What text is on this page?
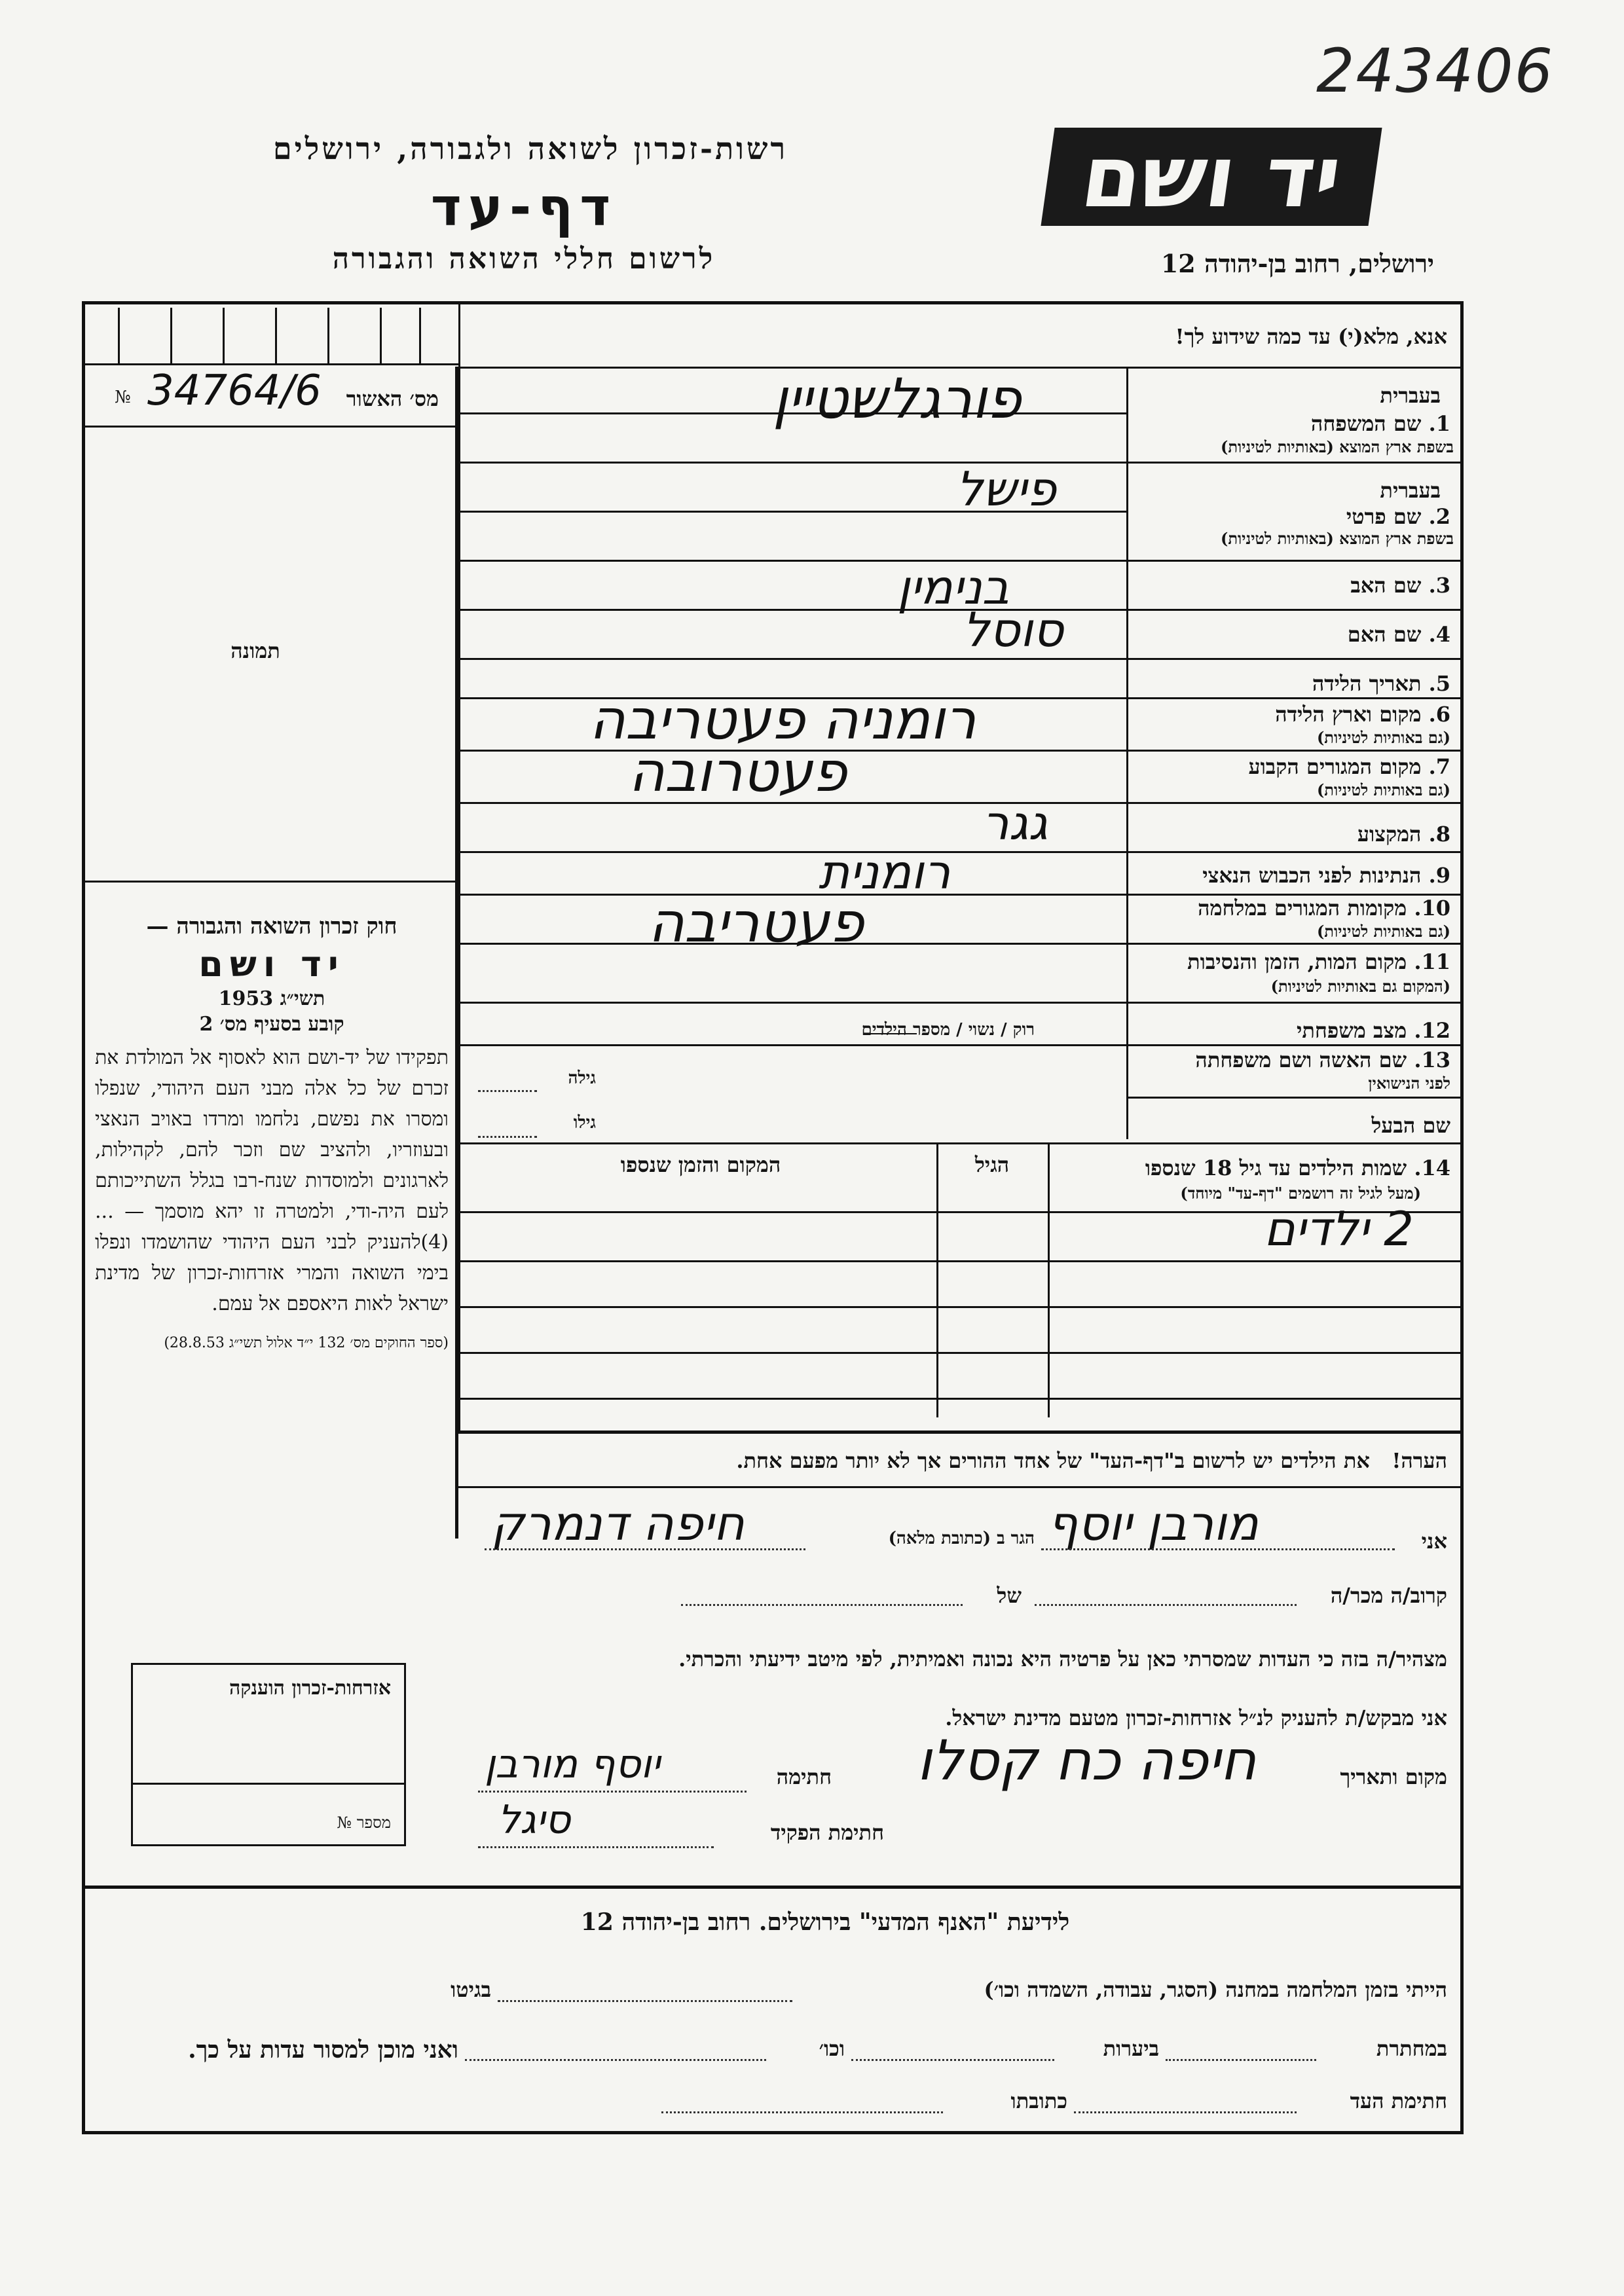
243406
יד ושם
רשות-זכרון לשואה ולגבורה, ירושלים
דף-עד
לרשום חללי השואה והגבורה	ירושלים, רחוב בן-יהודה 12
מס׳ האשור
№ 34764/6
תמונה
אנא, מלא(י) עד כמה שידוע לך!
בעברית
1. שם המשפחה
בשפת ארץ המוצא (באותיות לטיניות)
פורגלשטיין
בעברית
2. שם פרטי
בשפת ארץ המוצא (באותיות לטיניות)
פישל
3. שם האב
בנימין
4. שם האם
סוסל
5. תאריך הלידה
6. מקום וארץ הלידה
(גם באותיות לטיניות)
רומניה פעטריבה
7. מקום המגורים הקבוע
(גם באותיות לטיניות)
פעטרובה
8. המקצוע
גגר
9. הנתינות לפני הכבוש הנאצי
רומנית
10. מקומות המגורים במלחמה
(גם באותיות לטיניות)
פעטריבה
11. מקום המות, הזמן והנסיבות
(המקום גם באותיות לטיניות)
12. מצב משפחתי
רוק / נשוי / מספר הילדים
13. שם האשה ושם משפחתה
לפני הנישואין
גילה
שם הבעל
גילו
14. שמות הילדים עד גיל 18 שנספו
(מעל לגיל זה רושמים "דף-עד" מיוחד)
הגיל
המקום והזמן שנספו
2 ילדים
הערה!   את הילדים יש לרשום ב"דף-העד" של אחד ההורים אך לא יותר מפעם אחת.
חוק זכרון השואה והגבורה —
יד ושם
תשי״ג 1953
קובע בסעיף מס׳ 2
תפקידו של יד-ושם הוא לאסוף אל המולדת את זכרם של כל אלה מבני העם היהודי, שנפלו ומסרו את נפשם, נלחמו ומרדו באויב הנאצי ובעוזריו, ולהציב שם וזכר להם, לקהילות, לארגונים ולמוסדות שנח-רבו בגלל השתייכותם לעם היה-ודי, ולמטרה זו יהא מוסמך — ...(4)להעניק לבני העם היהודי שהושמדו ונפלו בימי השואה והמרי אזרחות-זכרון של מדינת ישראל לאות היאספם אל עמם.
(ספר החוקים מס׳ 132 י״ד אלול תשי״ג 28.8.53)
אני
מורבן יוסף
הגר ב (כתובת מלאה)
חיפה דנמרק
קרוב/ה מכר/ה
של
מצהיר/ה בזה כי העדות שמסרתי כאן על פרטיה היא נכונה ואמיתית, לפי מיטב ידיעתי והכרתי.
אני מבקש/ת להעניק לנ״ל אזרחות-זכרון מטעם מדינת ישראל.
מקום ותאריך
חיפה כח קסלו
חתימה
יוסף מורבן
חתימת הפקיד
סיגל
אזרחות-זכרון הוענקה
מספר №
לידיעת "האנף המדעי" בירושלים. רחוב בן-יהודה 12
הייתי בזמן המלחמה במחנה (הסגר, עבודה, השמדה וכו׳)
בגיטו
במחתרת
ביערות
וכו׳
ואני מוכן למסור עדות על כך.
חתימת העד
כתובתו
